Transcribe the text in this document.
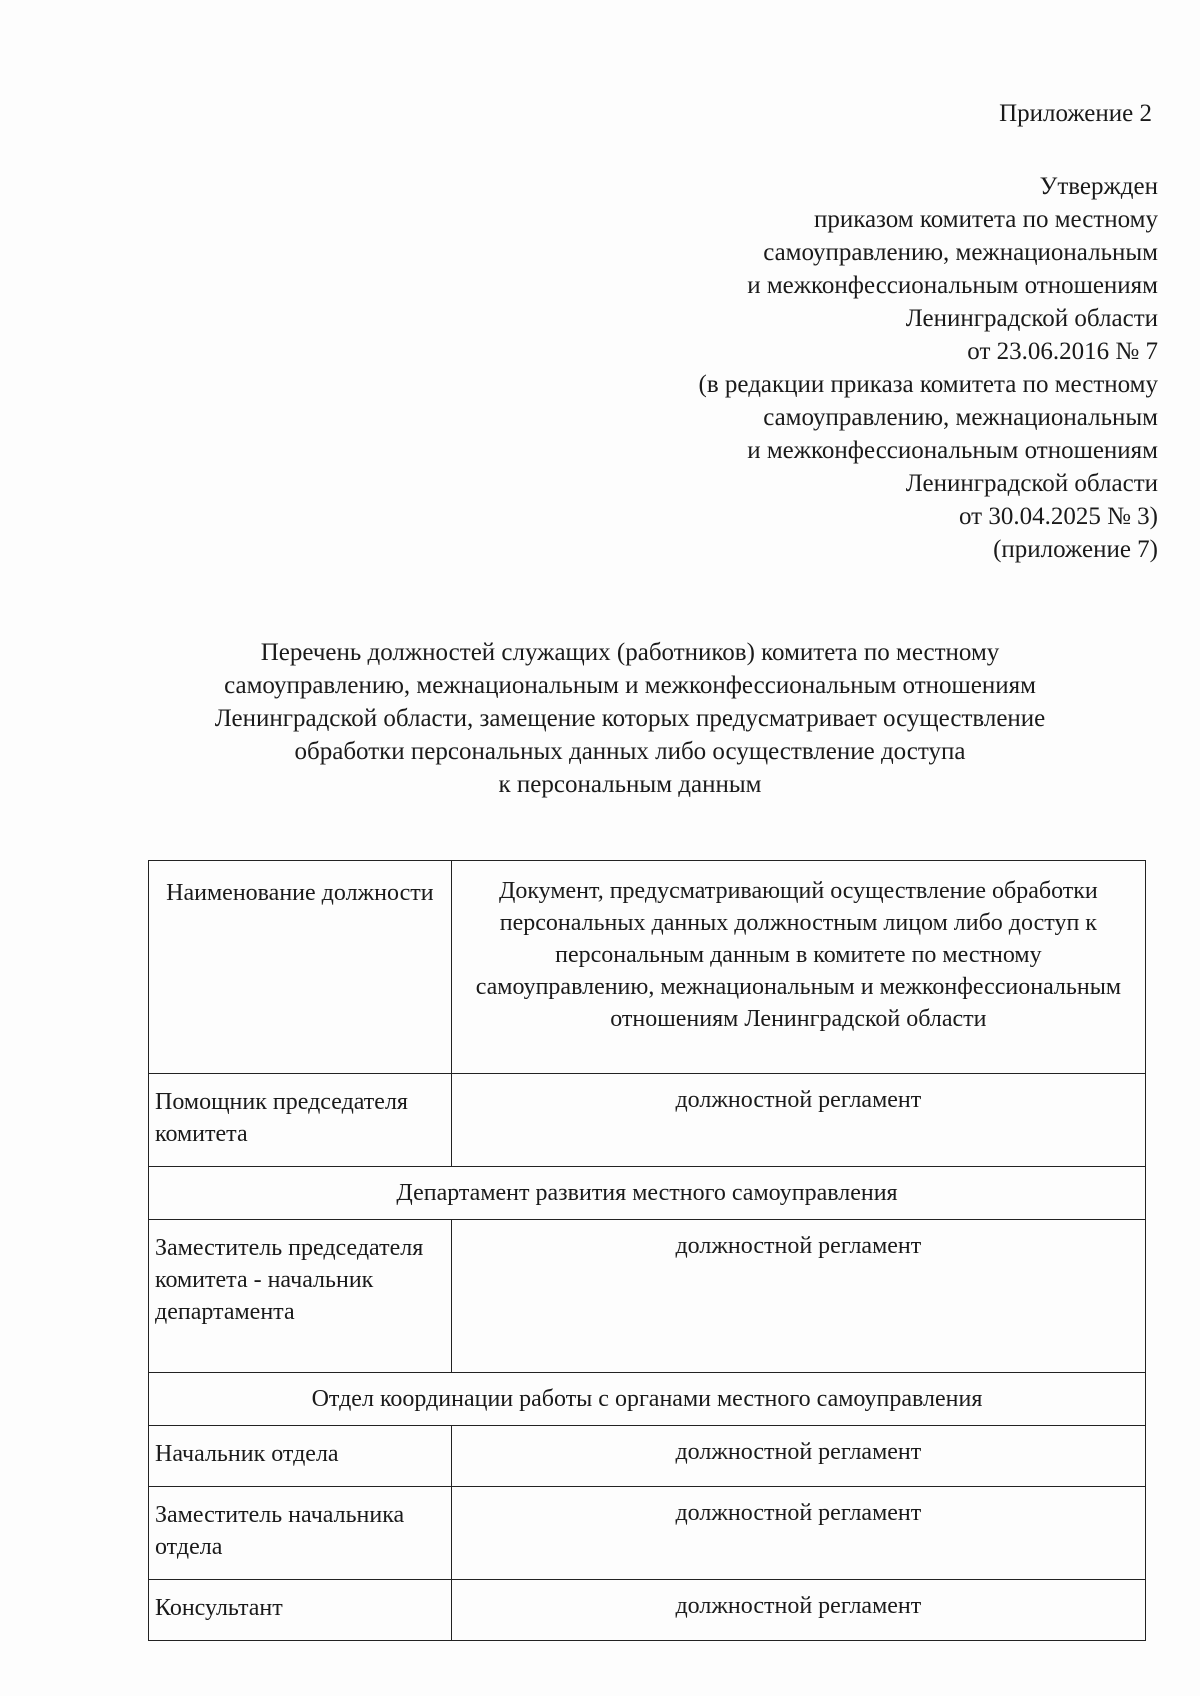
Приложение 2
Утвержден
приказом комитета по местному
самоуправлению, межнациональным
и межконфессиональным отношениям
Ленинградской области
от 23.06.2016 № 7
(в редакции приказа комитета по местному
самоуправлению, межнациональным
и межконфессиональным отношениям
Ленинградской области
от 30.04.2025 № 3)
(приложение 7)
Перечень должностей служащих (работников) комитета по местному
самоуправлению, межнациональным и межконфессиональным отношениям
Ленинградской области, замещение которых предусматривает осуществление
обработки персональных данных либо осуществление доступа
к персональным данным
Наименование должности	Документ, предусматривающий осуществление обработки персональных данных должностным лицом либо доступ к персональным данным в комитете по местному самоуправлению, межнациональным и межконфессиональным отношениям Ленинградской области
Помощник председателя комитета	должностной регламент
Департамент развития местного самоуправления	
Заместитель председателя комитета - начальник департамента	должностной регламент
Отдел координации работы с органами местного самоуправления	
Начальник отдела	должностной регламент
Заместитель начальника отдела	должностной регламент
Консультант	должностной регламент
